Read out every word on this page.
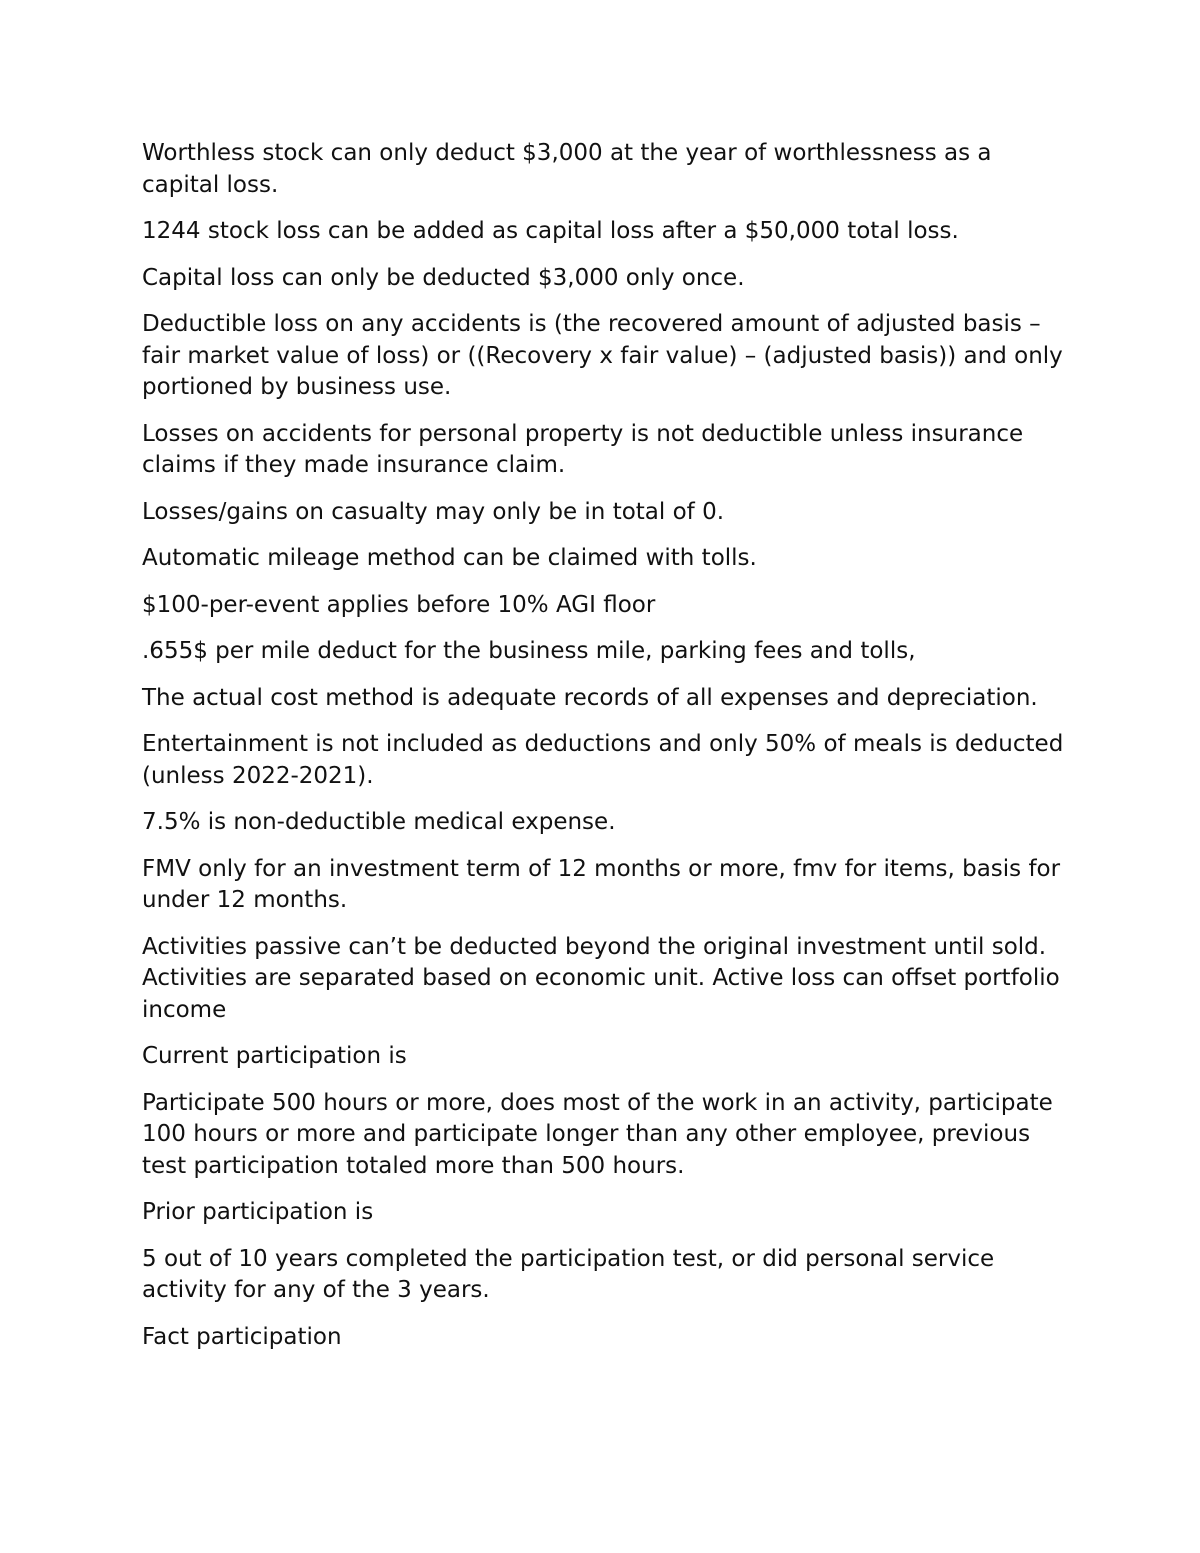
Worthless stock can only deduct $3,000 at the year of worthlessness as a capital loss.

1244 stock loss can be added as capital loss after a $50,000 total loss.

Capital loss can only be deducted $3,000 only once.

Deductible loss on any accidents is (the recovered amount of adjusted basis – fair market value of loss) or ((Recovery x fair value) – (adjusted basis)) and only portioned by business use.

Losses on accidents for personal property is not deductible unless insurance claims if they made insurance claim.

Losses/gains on casualty may only be in total of 0.

Automatic mileage method can be claimed with tolls.

$100-per-event applies before 10% AGI floor

.655$ per mile deduct for the business mile, parking fees and tolls,

The actual cost method is adequate records of all expenses and depreciation.

Entertainment is not included as deductions and only 50% of meals is deducted (unless 2022-2021).

7.5% is non-deductible medical expense.

FMV only for an investment term of 12 months or more, fmv for items, basis for under 12 months.

Activities passive can’t be deducted beyond the original investment until sold. Activities are separated based on economic unit. Active loss can offset portfolio income

Current participation is

Participate 500 hours or more, does most of the work in an activity, participate 100 hours or more and participate longer than any other employee, previous test participation totaled more than 500 hours.

Prior participation is

5 out of 10 years completed the participation test, or did personal service activity for any of the 3 years.

Fact participation
